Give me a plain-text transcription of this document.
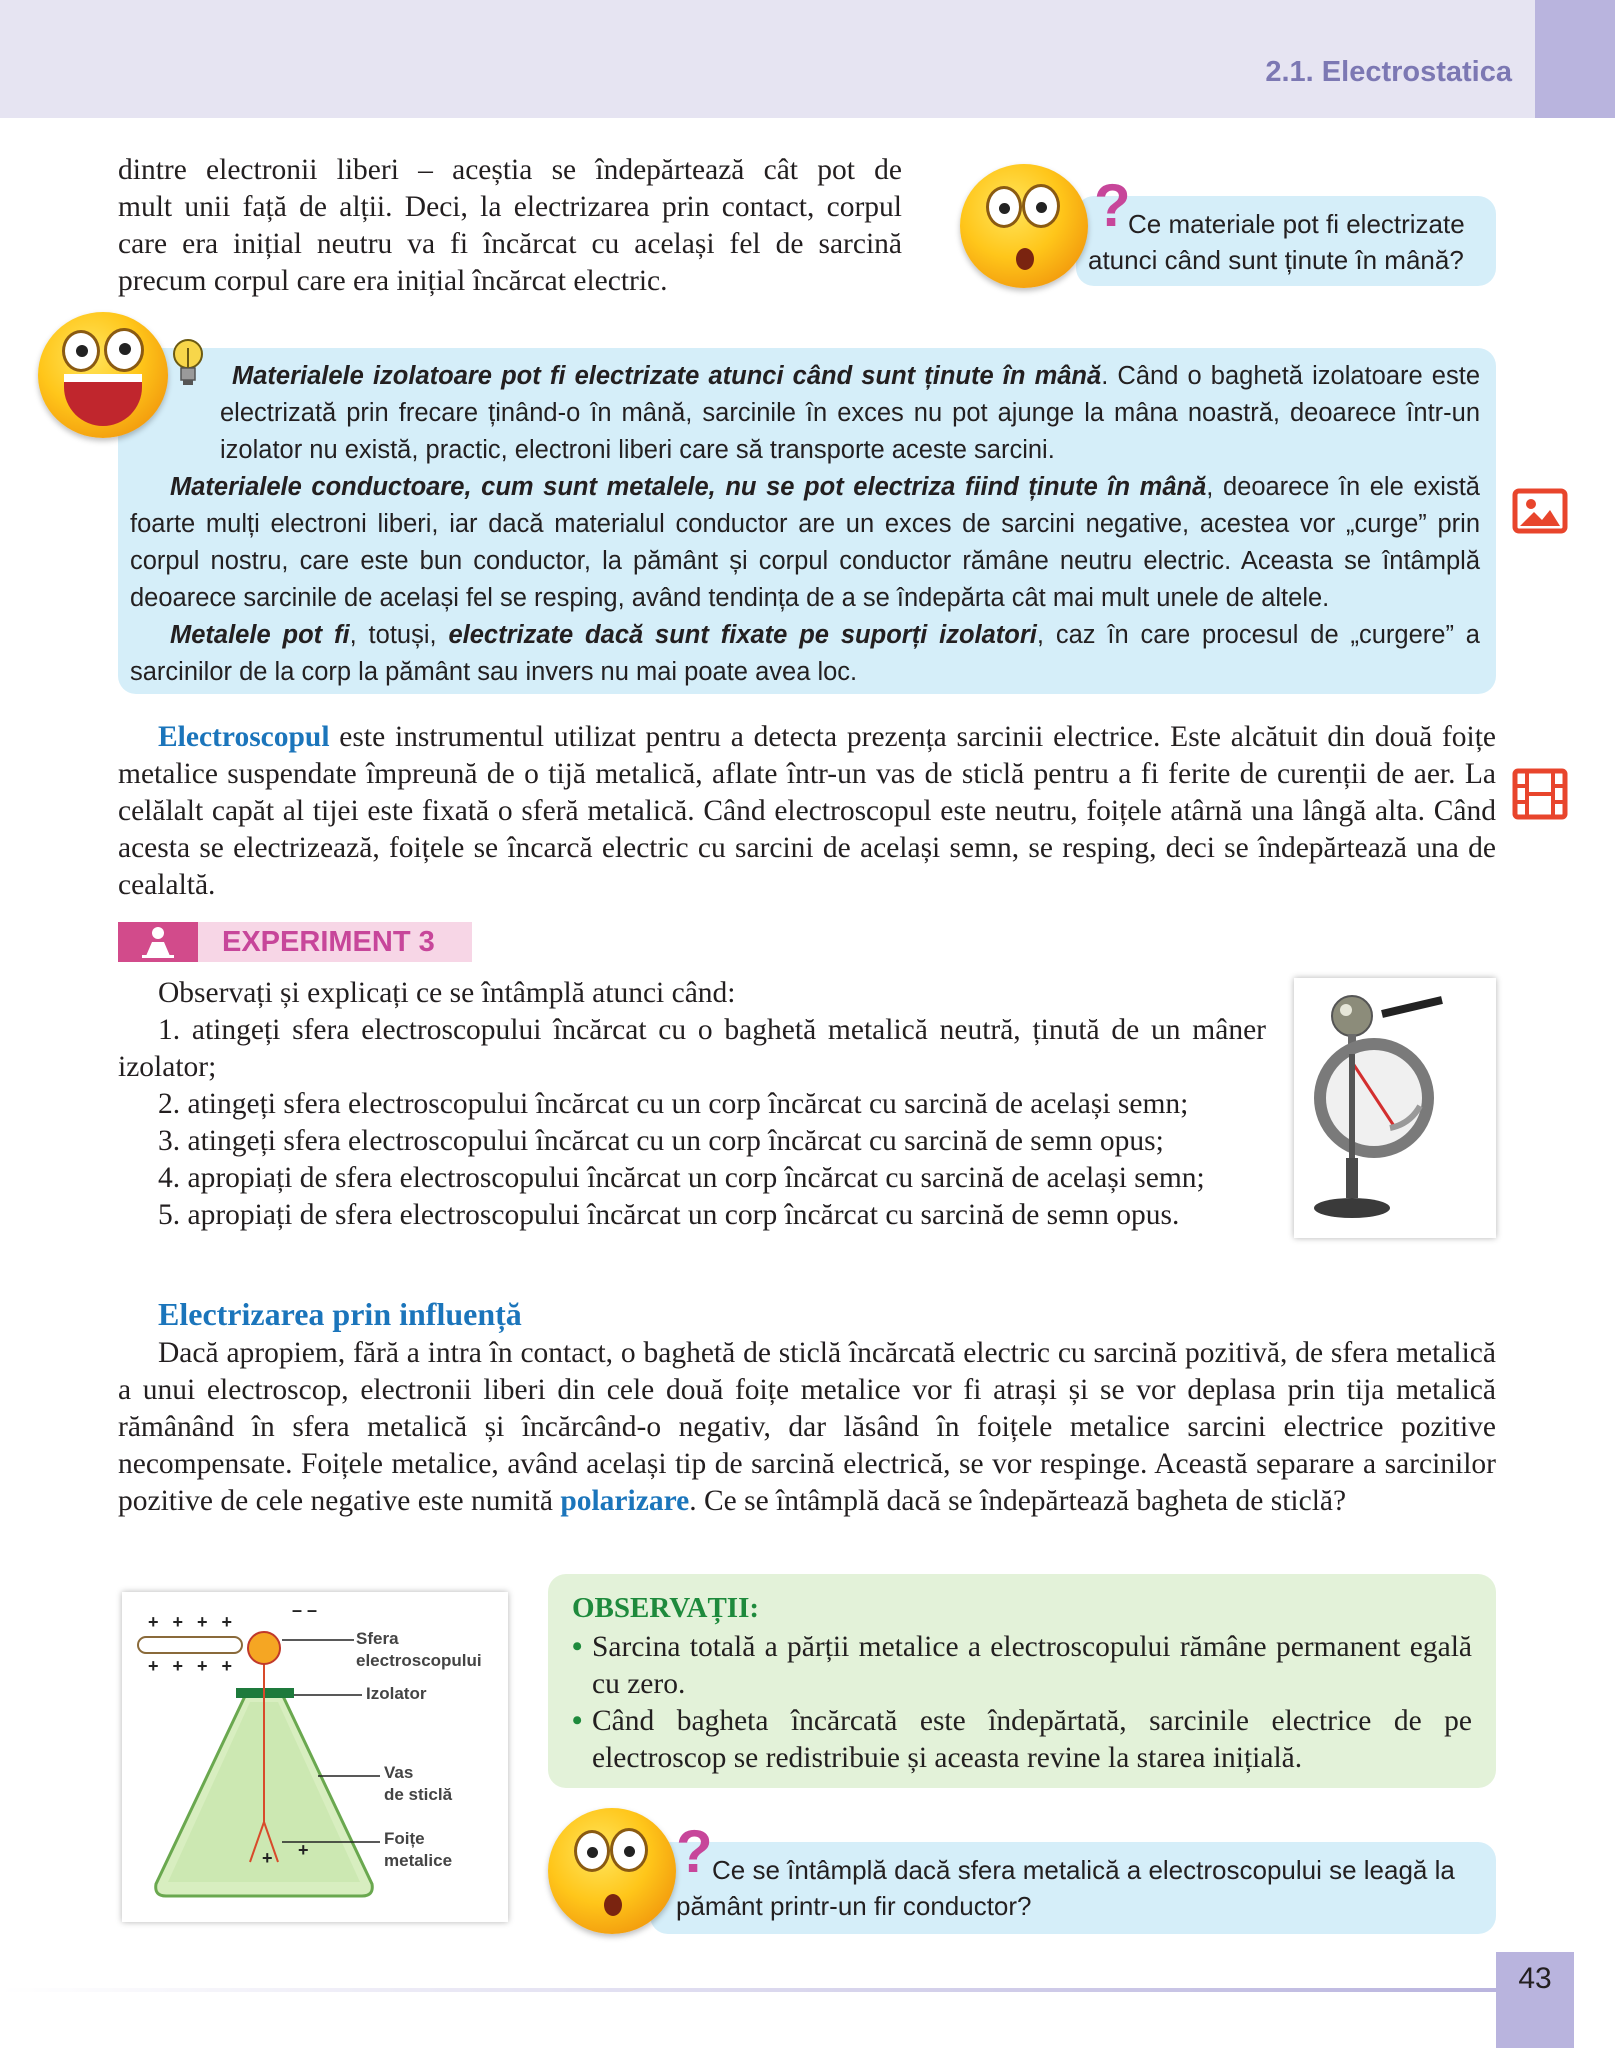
2.1. Electrostatica
dintre electronii liberi – aceștia se îndepărtează cât pot de
mult unii față de alții. Deci, la electrizarea prin contact, corpul
care era inițial neutru va fi încărcat cu același fel de sarcină
precum corpul care era inițial încărcat electric.
?
Ce materiale pot fi electrizate
atunci când sunt ținute în mână?

Materialele izolatoare pot fi electrizate atunci când sunt ținute în mână. Când o baghetă izolatoare este electrizată prin frecare ținând-o în mână, sarcinile în exces nu pot ajunge la mâna noastră, deoarece într-un izolator nu există, practic, electroni liberi care să transporte aceste sarcini.

Materialele conductoare, cum sunt metalele, nu se pot electriza fiind ținute în mână, deoarece în ele există foarte mulți electroni liberi, iar dacă materialul conductor are un exces de sarcini negative, acestea vor „curge” prin corpul nostru, care este bun conductor, la pământ și corpul conductor rămâne neutru electric. Aceasta se întâmplă deoarece sarcinile de același fel se resping, având tendința de a se îndepărta cât mai mult unele de altele.

Metalele pot fi, totuși, electrizate dacă sunt fixate pe suporți izolatori, caz în care procesul de „curgere” a sarcinilor de la corp la pământ sau invers nu mai poate avea loc.

Electroscopul este instrumentul utilizat pentru a detecta prezența sarcinii electrice. Este alcătuit din două foițe metalice suspendate împreună de o tijă metalică, aflate într-un vas de sticlă pentru a fi ferite de curenții de aer. La celălalt capăt al tijei este fixată o sferă metalică. Când electroscopul este neutru, foițele atârnă una lângă alta. Când acesta se electrizează, foițele se încarcă electric cu sarcini de același semn, se resping, deci se îndepărtează una de cealaltă.

EXPERIMENT 3

Observați și explicați ce se întâmplă atunci când:

1. atingeți sfera electroscopului încărcat cu o baghetă metalică neutră, ținută de un mâner izolator;

2. atingeți sfera electroscopului încărcat cu un corp încărcat cu sarcină de același semn;

3. atingeți sfera electroscopului încărcat cu un corp încărcat cu sarcină de semn opus;

4. apropiați de sfera electroscopului încărcat un corp încărcat cu sarcină de același semn;

5. apropiați de sfera electroscopului încărcat un corp încărcat cu sarcină de semn opus.

Electrizarea prin influență

Dacă apropiem, fără a intra în contact, o baghetă de sticlă încărcată electric cu sarcină pozitivă, de sfera metalică a unui electroscop, electronii liberi din cele două foițe metalice vor fi atrași și se vor deplasa prin tija metalică rămânând în sfera metalică și încărcând-o negativ, dar lăsând în foițele metalice sarcini electrice pozitive necompensate. Foițele metalice, având același tip de sarcină electrică, se vor respinge. Această separare a sarcinilor pozitive de cele negative este numită polarizare. Ce se întâmplă dacă se îndepărtează bagheta de sticlă?

++++
++++
– –
+
+
Sfera
electroscopului
Izolator
Vas
de sticlă
Foițe
metalice
OBSERVAȚII:
• Sarcina totală a părții metalice a electroscopului rămâne permanent egală cu zero.
• Când bagheta încărcată este îndepărtată, sarcinile electrice de pe electroscop se redistribuie și aceasta revine la starea inițială.
? Ce se întâmplă dacă sfera metalică a electroscopului se leagă la
pământ printr-un fir conductor?
43
